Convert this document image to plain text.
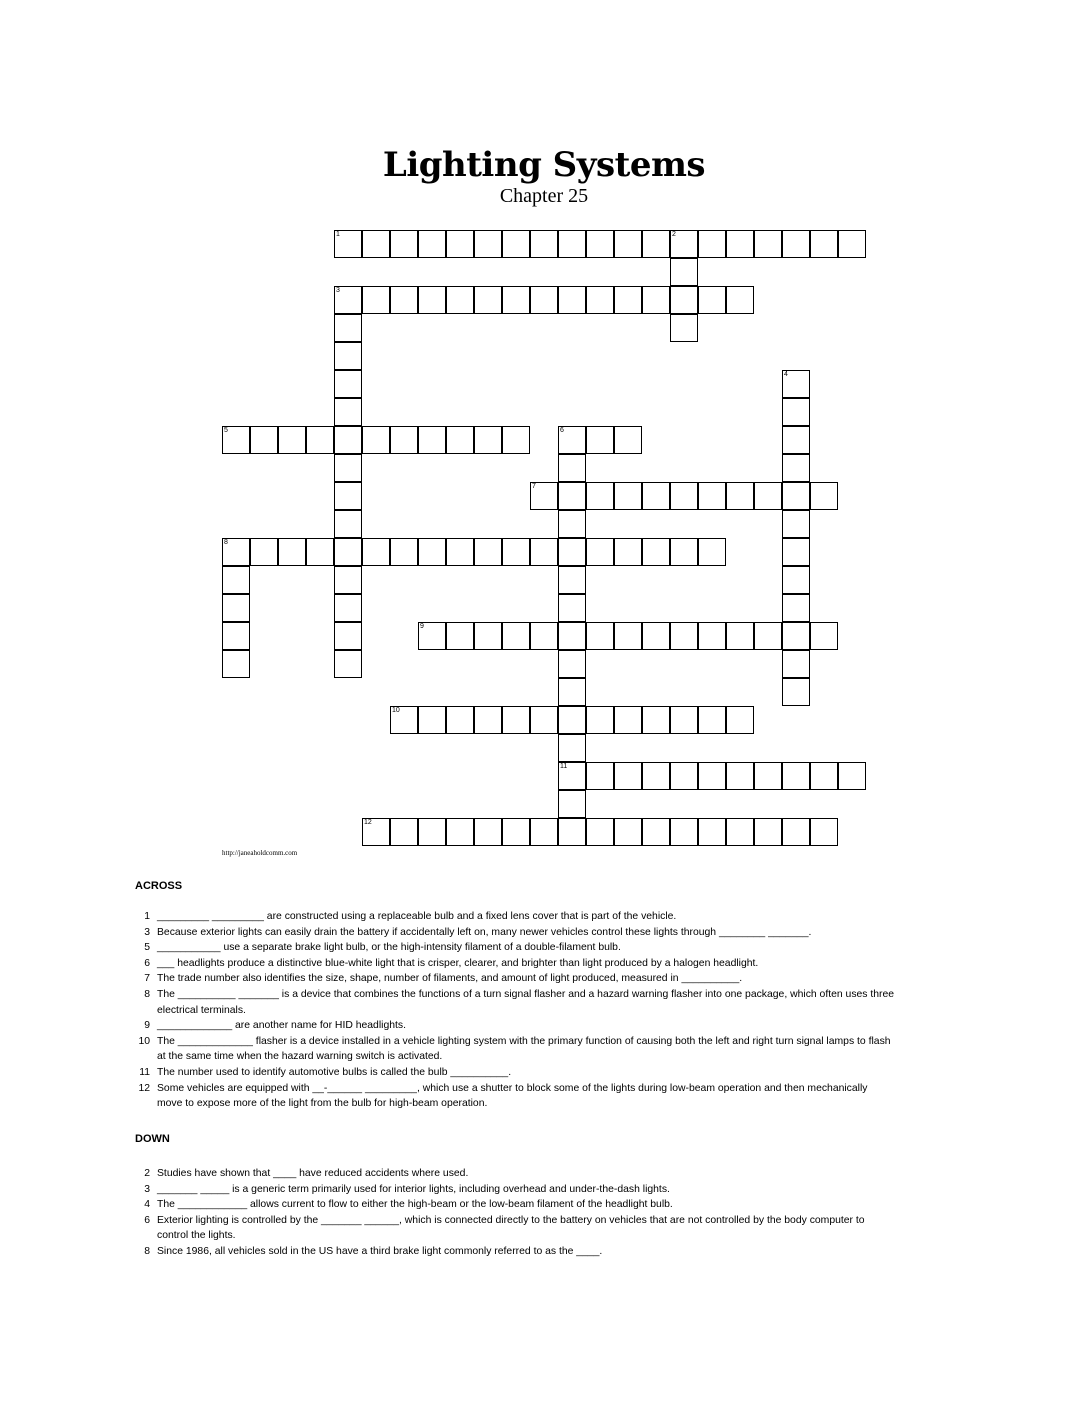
Lighting Systems
Chapter 25
1	2
3
4
5	6
11
7
8
9
10
12
http://janeaholdcomm.com
ACROSS
1 _________ _________ are constructed using a replaceable bulb and a fixed lens cover that is part of the vehicle.
3 Because exterior lights can easily drain the battery if accidentally left on, many newer vehicles control these lights through ________ _______.
5 ___________ use a separate brake light bulb, or the high-intensity filament of a double-filament bulb.
6 ___ headlights produce a distinctive blue-white light that is crisper, clearer, and brighter than light produced by a halogen headlight.
7 The trade number also identifies the size, shape, number of filaments, and amount of light produced, measured in __________.
8 The __________ _______ is a device that combines the functions of a turn signal flasher and a hazard warning flasher into one package, which often uses three electrical terminals.
9 _____________ are another name for HID headlights.
10 The _____________ flasher is a device installed in a vehicle lighting system with the primary function of causing both the left and right turn signal lamps to flash at the same time when the hazard warning switch is activated.
11 The number used to identify automotive bulbs is called the bulb __________.
12 Some vehicles are equipped with __-______ _________, which use a shutter to block some of the lights during low-beam operation and then mechanically move to expose more of the light from the bulb for high-beam operation.
DOWN
2 Studies have shown that ____ have reduced accidents where used.
3 _______ _____ is a generic term primarily used for interior lights, including overhead and under-the-dash lights.
4 The ____________ allows current to flow to either the high-beam or the low-beam filament of the headlight bulb.
6 Exterior lighting is controlled by the _______ ______, which is connected directly to the battery on vehicles that are not controlled by the body computer to control the lights.
8 Since 1986, all vehicles sold in the US have a third brake light commonly referred to as the ____.
